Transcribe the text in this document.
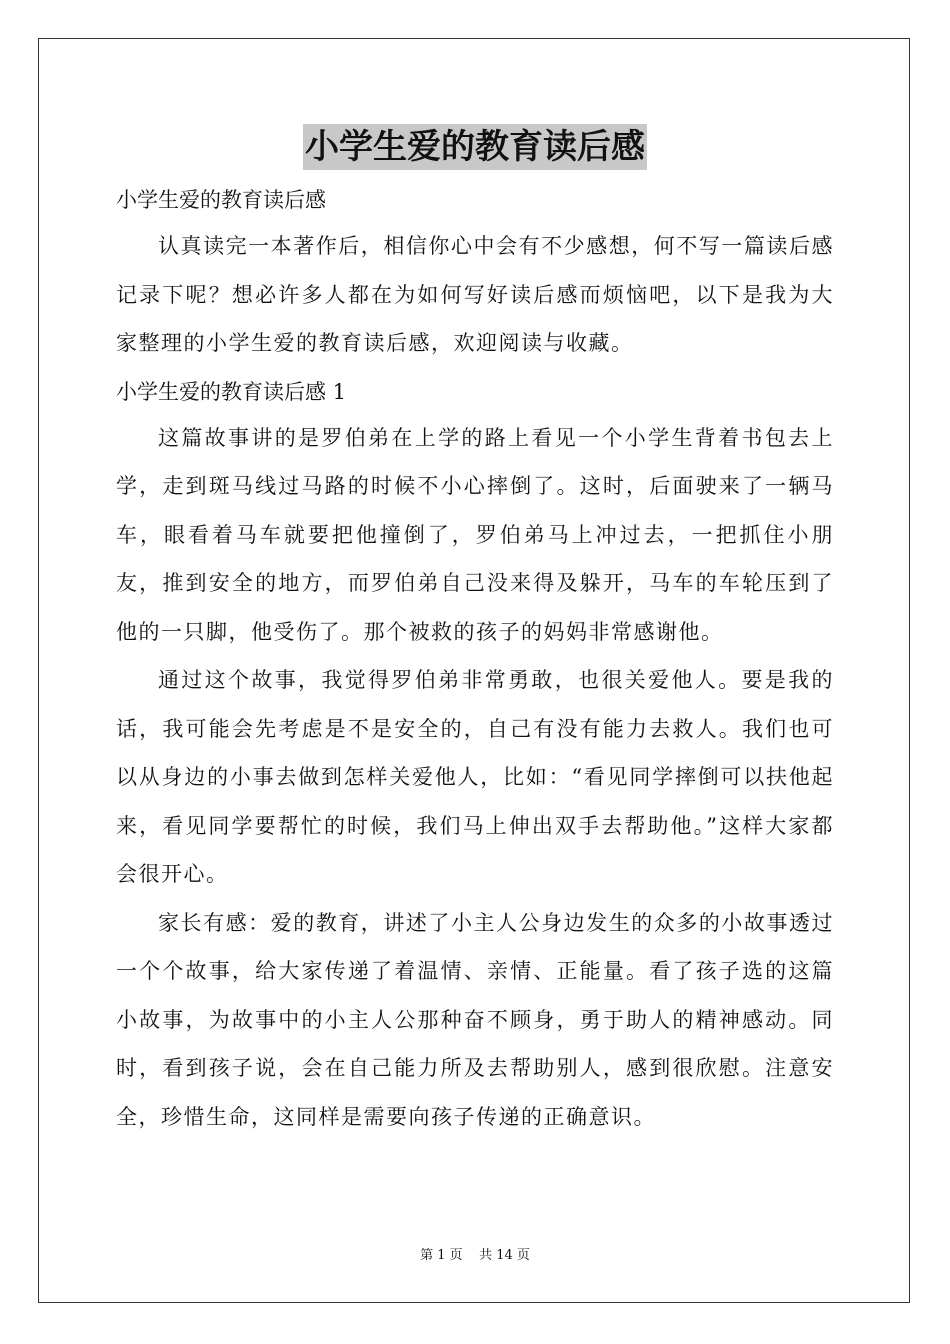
小学生爱的教育读后感

小学生爱的教育读后感

认真读完一本著作后，相信你心中会有不少感想，何不写一篇读后感记录下呢？想必许多人都在为如何写好读后感而烦恼吧，以下是我为大家整理的小学生爱的教育读后感，欢迎阅读与收藏。

小学生爱的教育读后感 1

这篇故事讲的是罗伯弟在上学的路上看见一个小学生背着书包去上学，走到斑马线过马路的时候不小心摔倒了。这时，后面驶来了一辆马车，眼看着马车就要把他撞倒了，罗伯弟马上冲过去，一把抓住小朋友，推到安全的地方，而罗伯弟自己没来得及躲开，马车的车轮压到了他的一只脚，他受伤了。那个被救的孩子的妈妈非常感谢他。

通过这个故事，我觉得罗伯弟非常勇敢，也很关爱他人。要是我的话，我可能会先考虑是不是安全的，自己有没有能力去救人。我们也可以从身边的小事去做到怎样关爱他人，比如：“看见同学摔倒可以扶他起来，看见同学要帮忙的时候，我们马上伸出双手去帮助他。”这样大家都会很开心。

家长有感：爱的教育，讲述了小主人公身边发生的众多的小故事透过一个个故事，给大家传递了着温情、亲情、正能量。看了孩子选的这篇小故事，为故事中的小主人公那种奋不顾身，勇于助人的精神感动。同时，看到孩子说，会在自己能力所及去帮助别人，感到很欣慰。注意安全，珍惜生命，这同样是需要向孩子传递的正确意识。

第 1 页    共 14 页
